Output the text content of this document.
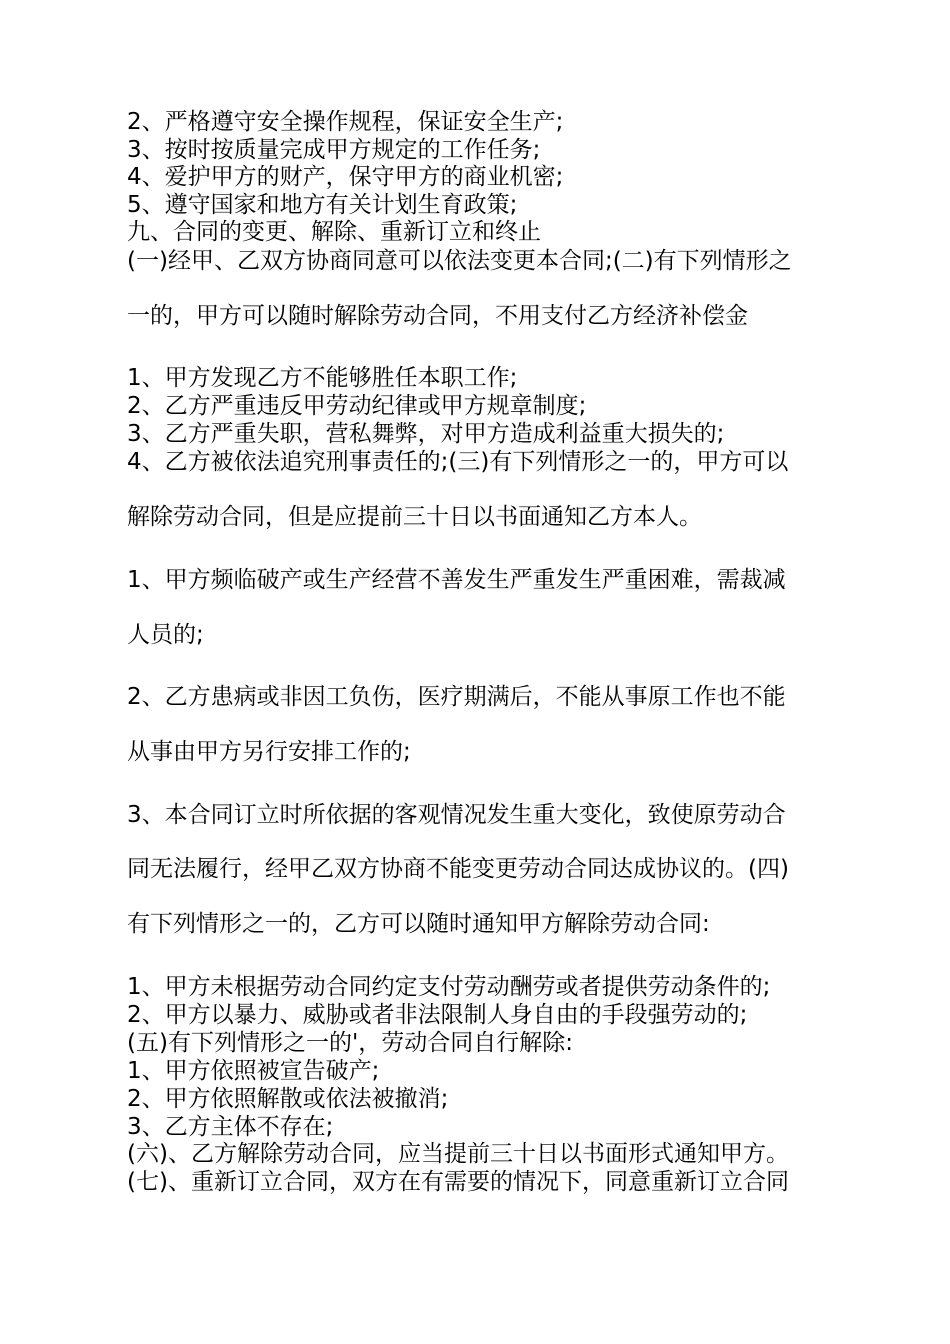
2、严格遵守安全操作规程，保证安全生产;
3、按时按质量完成甲方规定的工作任务;
4、爱护甲方的财产，保守甲方的商业机密;
5、遵守国家和地方有关计划生育政策;
九、合同的变更、解除、重新订立和终止
(一)经甲、乙双方协商同意可以依法变更本合同;(二)有下列情形之
一的，甲方可以随时解除劳动合同，不用支付乙方经济补偿金
1、甲方发现乙方不能够胜任本职工作;
2、乙方严重违反甲劳动纪律或甲方规章制度;
3、乙方严重失职，营私舞弊，对甲方造成利益重大损失的;
4、乙方被依法追究刑事责任的;(三)有下列情形之一的，甲方可以
解除劳动合同，但是应提前三十日以书面通知乙方本人。
1、甲方频临破产或生产经营不善发生严重发生严重困难，需裁减
人员的;
2、乙方患病或非因工负伤，医疗期满后，不能从事原工作也不能
从事由甲方另行安排工作的;
3、本合同订立时所依据的客观情况发生重大变化，致使原劳动合
同无法履行，经甲乙双方协商不能变更劳动合同达成协议的。(四)
有下列情形之一的，乙方可以随时通知甲方解除劳动合同:
1、甲方未根据劳动合同约定支付劳动酬劳或者提供劳动条件的;
2、甲方以暴力、威胁或者非法限制人身自由的手段强劳动的;
(五)有下列情形之一的'，劳动合同自行解除:
1、甲方依照被宣告破产;
2、甲方依照解散或依法被撤消;
3、乙方主体不存在;
(六)、乙方解除劳动合同，应当提前三十日以书面形式通知甲方。
(七)、重新订立合同，双方在有需要的情况下，同意重新订立合同
